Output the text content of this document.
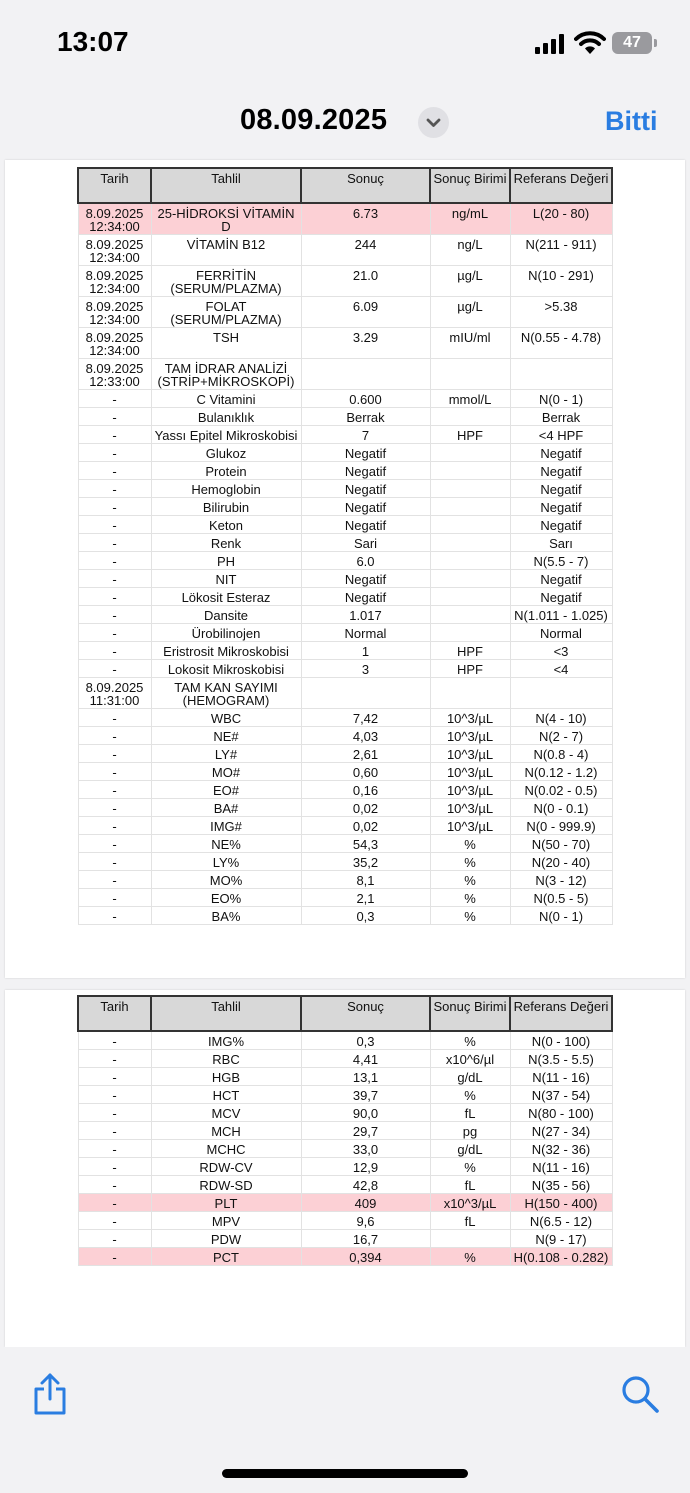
13:07	47
08.09.2025	Bitti
Tarih	Tahlil	Sonuç	Sonuç Birimi	Referans Değeri
8.09.2025 12:34:00	25-HİDROKSİ VİTAMİN D	6.73	ng/mL	L(20 - 80)
8.09.2025 12:34:00	VİTAMİN B12	244	ng/L	N(211 - 911)
8.09.2025 12:34:00	FERRİTİN (SERUM/PLAZMA)	21.0	µg/L	N(10 - 291)
8.09.2025 12:34:00	FOLAT (SERUM/PLAZMA)	6.09	µg/L	>5.38
8.09.2025 12:34:00	TSH	3.29	mIU/ml	N(0.55 - 4.78)
8.09.2025 12:33:00	TAM İDRAR ANALİZİ (STRİP+MİKROSKOPİ)			
-	C Vitamini	0.600	mmol/L	N(0 - 1)
-	Bulanıklık	Berrak		Berrak
-	Yassı Epitel Mikroskobisi	7	HPF	<4 HPF
-	Glukoz	Negatif		Negatif
-	Protein	Negatif		Negatif
-	Hemoglobin	Negatif		Negatif
-	Bilirubin	Negatif		Negatif
-	Keton	Negatif		Negatif
-	Renk	Sari		Sarı
-	PH	6.0		N(5.5 - 7)
-	NIT	Negatif		Negatif
-	Lökosit Esteraz	Negatif		Negatif
-	Dansite	1.017		N(1.011 - 1.025)
-	Ürobilinojen	Normal		Normal
-	Eristrosit Mikroskobisi	1	HPF	<3
-	Lokosit Mikroskobisi	3	HPF	<4
8.09.2025 11:31:00	TAM KAN SAYIMI (HEMOGRAM)			
-	WBC	7,42	10^3/µL	N(4 - 10)
-	NE#	4,03	10^3/µL	N(2 - 7)
-	LY#	2,61	10^3/µL	N(0.8 - 4)
-	MO#	0,60	10^3/µL	N(0.12 - 1.2)
-	EO#	0,16	10^3/µL	N(0.02 - 0.5)
-	BA#	0,02	10^3/µL	N(0 - 0.1)
-	IMG#	0,02	10^3/µL	N(0 - 999.9)
-	NE%	54,3	%	N(50 - 70)
-	LY%	35,2	%	N(20 - 40)
-	MO%	8,1	%	N(3 - 12)
-	EO%	2,1	%	N(0.5 - 5)
-	BA%	0,3	%	N(0 - 1)
Tarih	Tahlil	Sonuç	Sonuç Birimi	Referans Değeri
-	IMG%	0,3	%	N(0 - 100)
-	RBC	4,41	x10^6/µl	N(3.5 - 5.5)
-	HGB	13,1	g/dL	N(11 - 16)
-	HCT	39,7	%	N(37 - 54)
-	MCV	90,0	fL	N(80 - 100)
-	MCH	29,7	pg	N(27 - 34)
-	MCHC	33,0	g/dL	N(32 - 36)
-	RDW-CV	12,9	%	N(11 - 16)
-	RDW-SD	42,8	fL	N(35 - 56)
-	PLT	409	x10^3/µL	H(150 - 400)
-	MPV	9,6	fL	N(6.5 - 12)
-	PDW	16,7		N(9 - 17)
-	PCT	0,394	%	H(0.108 - 0.282)
